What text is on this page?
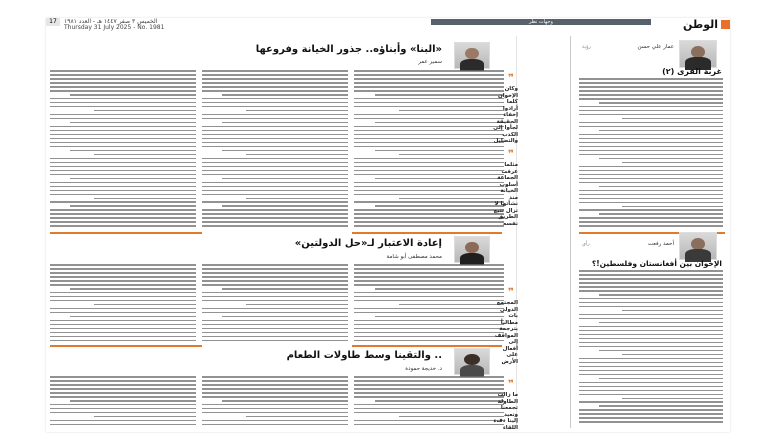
17	الخميس ٣ صفر ١٤٤٧ هـ - العدد ١٩٨١
Thursday 31 July 2025 - No. 1981
وجهات نظر	الوطن
عمار علي حسن
رؤية
غربة القرى (٢)
أحمد رفعت
رأي
الإخوان بين أفغانستان وفلسطين!؟
«البنا» وأبناؤه.. جذور الخيانة وفروعها
سمير عمر
❞
وكان الإخوان كلما أرادوا إخفاء الحقيقة لجأوا إلى الكذب والتضليل
❞
مثلما عرفت الجماعة أسلوب الخيانة منذ نشأتها لا تزال تتبع الطريق نفسه
إعادة الاعتبار لـ«حل الدولتين»
محمد مصطفى أبو شامة
❞
المجتمع الدولي بات مطالباً بترجمة المواقف إلى أفعال على الأرض
.. والتقينا وسط طاولات الطعام
د. خديجة حمودة
❞
ما زالت الطاولة تجمعنا وتعيد إلينا دفء اللقاء
